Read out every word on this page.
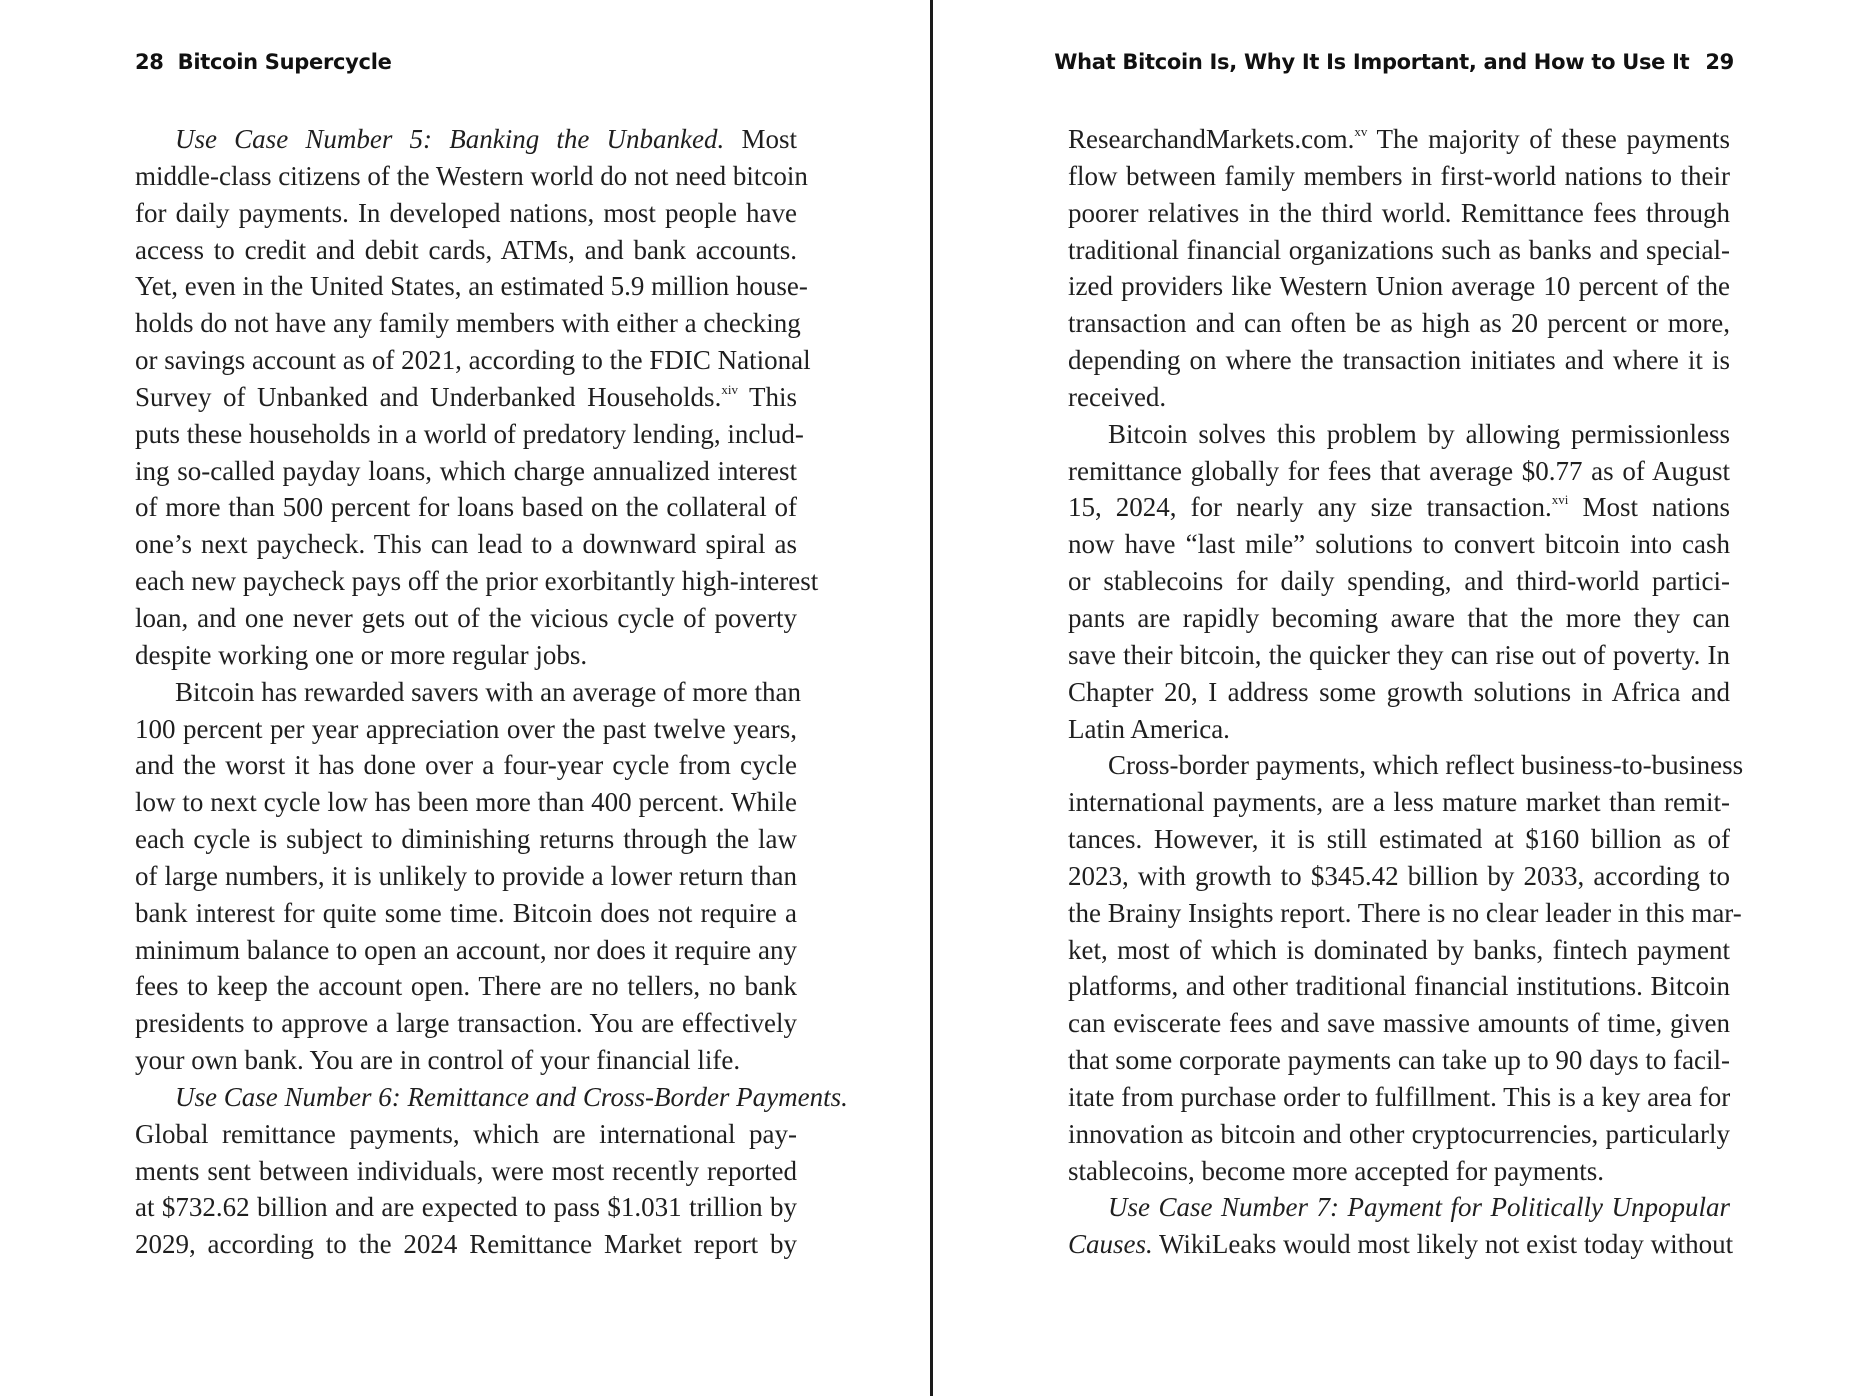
28 Bitcoin Supercycle
Use Case Number 5: Banking the Unbanked. Most
middle-class citizens of the Western world do not need bitcoin
for daily payments. In developed nations, most people have
access to credit and debit cards, ATMs, and bank accounts.
Yet, even in the United States, an estimated 5.9 million house-
holds do not have any family members with either a checking
or savings account as of 2021, according to the FDIC National
Survey of Unbanked and Underbanked Households.$^{xiv}$ This
puts these households in a world of predatory lending, includ-
ing so-called payday loans, which charge annualized interest
of more than 500 percent for loans based on the collateral of
one’s next paycheck. This can lead to a downward spiral as
each new paycheck pays off the prior exorbitantly high-interest
loan, and one never gets out of the vicious cycle of poverty
despite working one or more regular jobs.
Bitcoin has rewarded savers with an average of more than
100 percent per year appreciation over the past twelve years,
and the worst it has done over a four-year cycle from cycle
low to next cycle low has been more than 400 percent. While
each cycle is subject to diminishing returns through the law
of large numbers, it is unlikely to provide a lower return than
bank interest for quite some time. Bitcoin does not require a
minimum balance to open an account, nor does it require any
fees to keep the account open. There are no tellers, no bank
presidents to approve a large transaction. You are effectively
your own bank. You are in control of your financial life.
Use Case Number 6: Remittance and Cross-Border Payments.
Global remittance payments, which are international pay-
ments sent between individuals, were most recently reported
at $732.62 billion and are expected to pass $1.031 trillion by
2029, according to the 2024 Remittance Market report by
What Bitcoin Is, Why It Is Important, and How to Use It 29
ResearchandMarkets.com.$^{xv}$ The majority of these payments
flow between family members in first-world nations to their
poorer relatives in the third world. Remittance fees through
traditional financial organizations such as banks and special-
ized providers like Western Union average 10 percent of the
transaction and can often be as high as 20 percent or more,
depending on where the transaction initiates and where it is
received.
Bitcoin solves this problem by allowing permissionless
remittance globally for fees that average $0.77 as of August
15, 2024, for nearly any size transaction.$^{xvi}$ Most nations
now have “last mile” solutions to convert bitcoin into cash
or stablecoins for daily spending, and third-world partici-
pants are rapidly becoming aware that the more they can
save their bitcoin, the quicker they can rise out of poverty. In
Chapter 20, I address some growth solutions in Africa and
Latin America.
Cross-border payments, which reflect business-to-business
international payments, are a less mature market than remit-
tances. However, it is still estimated at $160 billion as of
2023, with growth to $345.42 billion by 2033, according to
the Brainy Insights report. There is no clear leader in this mar-
ket, most of which is dominated by banks, fintech payment
platforms, and other traditional financial institutions. Bitcoin
can eviscerate fees and save massive amounts of time, given
that some corporate payments can take up to 90 days to facil-
itate from purchase order to fulfillment. This is a key area for
innovation as bitcoin and other cryptocurrencies, particularly
stablecoins, become more accepted for payments.
Use Case Number 7: Payment for Politically Unpopular
Causes. WikiLeaks would most likely not exist today without
